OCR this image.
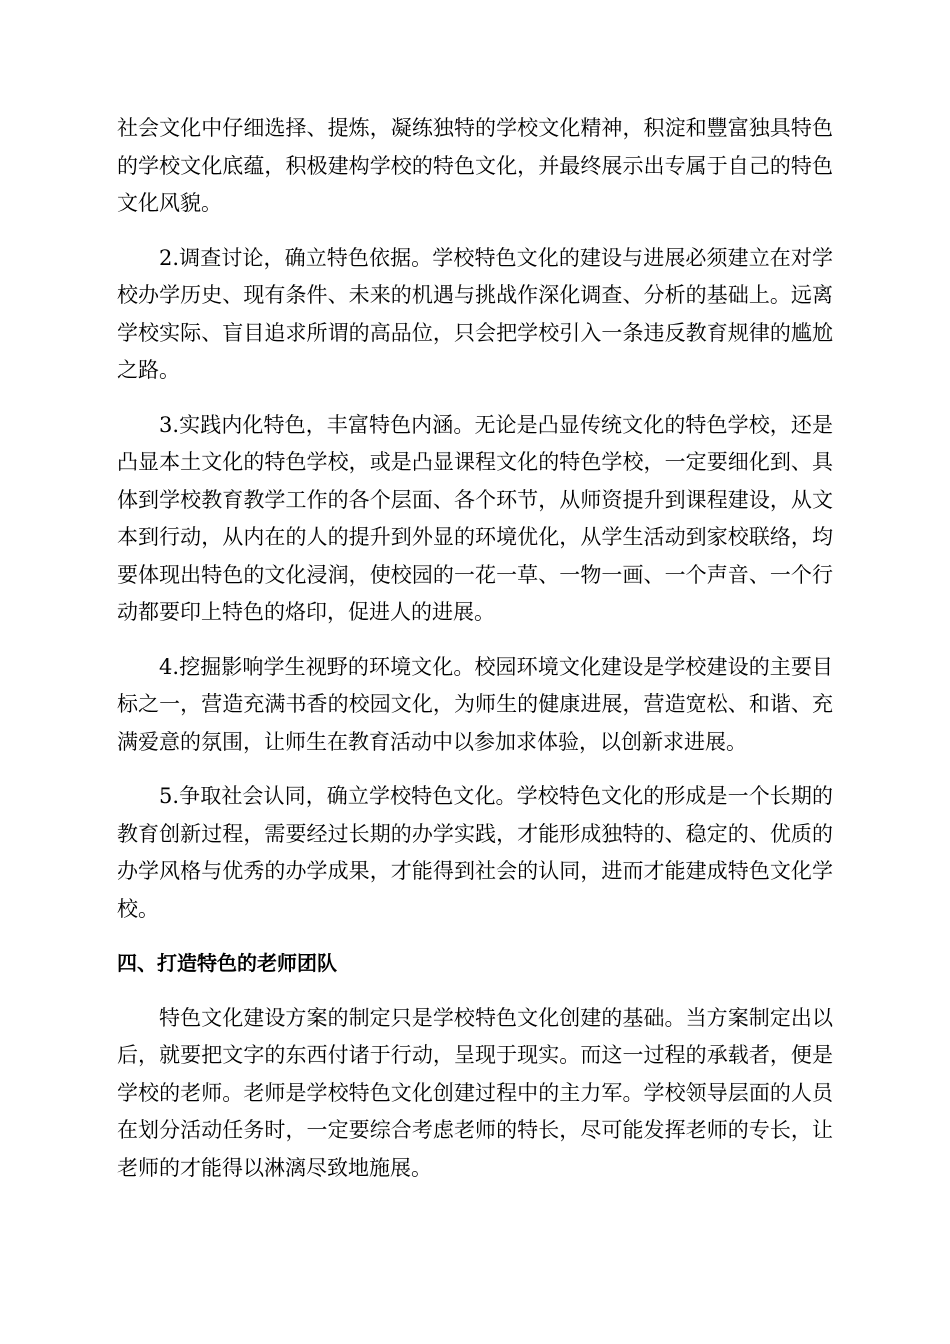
社会文化中仔细选择、提炼，凝练独特的学校文化精神，积淀和豐富独具特色的学校文化底蕴，积极建构学校的特色文化，并最终展示出专属于自己的特色文化风貌。

2.调查讨论，确立特色依据。学校特色文化的建设与进展必须建立在对学校办学历史、现有条件、未来的机遇与挑战作深化调查、分析的基础上。远离学校实际、盲目追求所谓的高品位，只会把学校引入一条违反教育规律的尴尬之路。

3.实践内化特色，丰富特色内涵。无论是凸显传统文化的特色学校，还是凸显本土文化的特色学校，或是凸显课程文化的特色学校，一定要细化到、具体到学校教育教学工作的各个层面、各个环节，从师资提升到课程建设，从文本到行动，从内在的人的提升到外显的环境优化，从学生活动到家校联络，均要体现出特色的文化浸润，使校园的一花一草、一物一画、一个声音、一个行动都要印上特色的烙印，促进人的进展。

4.挖掘影响学生视野的环境文化。校园环境文化建设是学校建设的主要目标之一，营造充满书香的校园文化，为师生的健康进展，营造宽松、和谐、充满爱意的氛围，让师生在教育活动中以参加求体验，以创新求进展。

5.争取社会认同，确立学校特色文化。学校特色文化的形成是一个长期的教育创新过程，需要经过长期的办学实践，才能形成独特的、稳定的、优质的办学风格与优秀的办学成果，才能得到社会的认同，进而才能建成特色文化学校。

四、打造特色的老师团队

特色文化建设方案的制定只是学校特色文化创建的基础。当方案制定出以后，就要把文字的东西付诸于行动，呈现于现实。而这一过程的承载者，便是学校的老师。老师是学校特色文化创建过程中的主力军。学校领导层面的人员在划分活动任务时，一定要综合考虑老师的特长，尽可能发挥老师的专长，让老师的才能得以淋漓尽致地施展。
